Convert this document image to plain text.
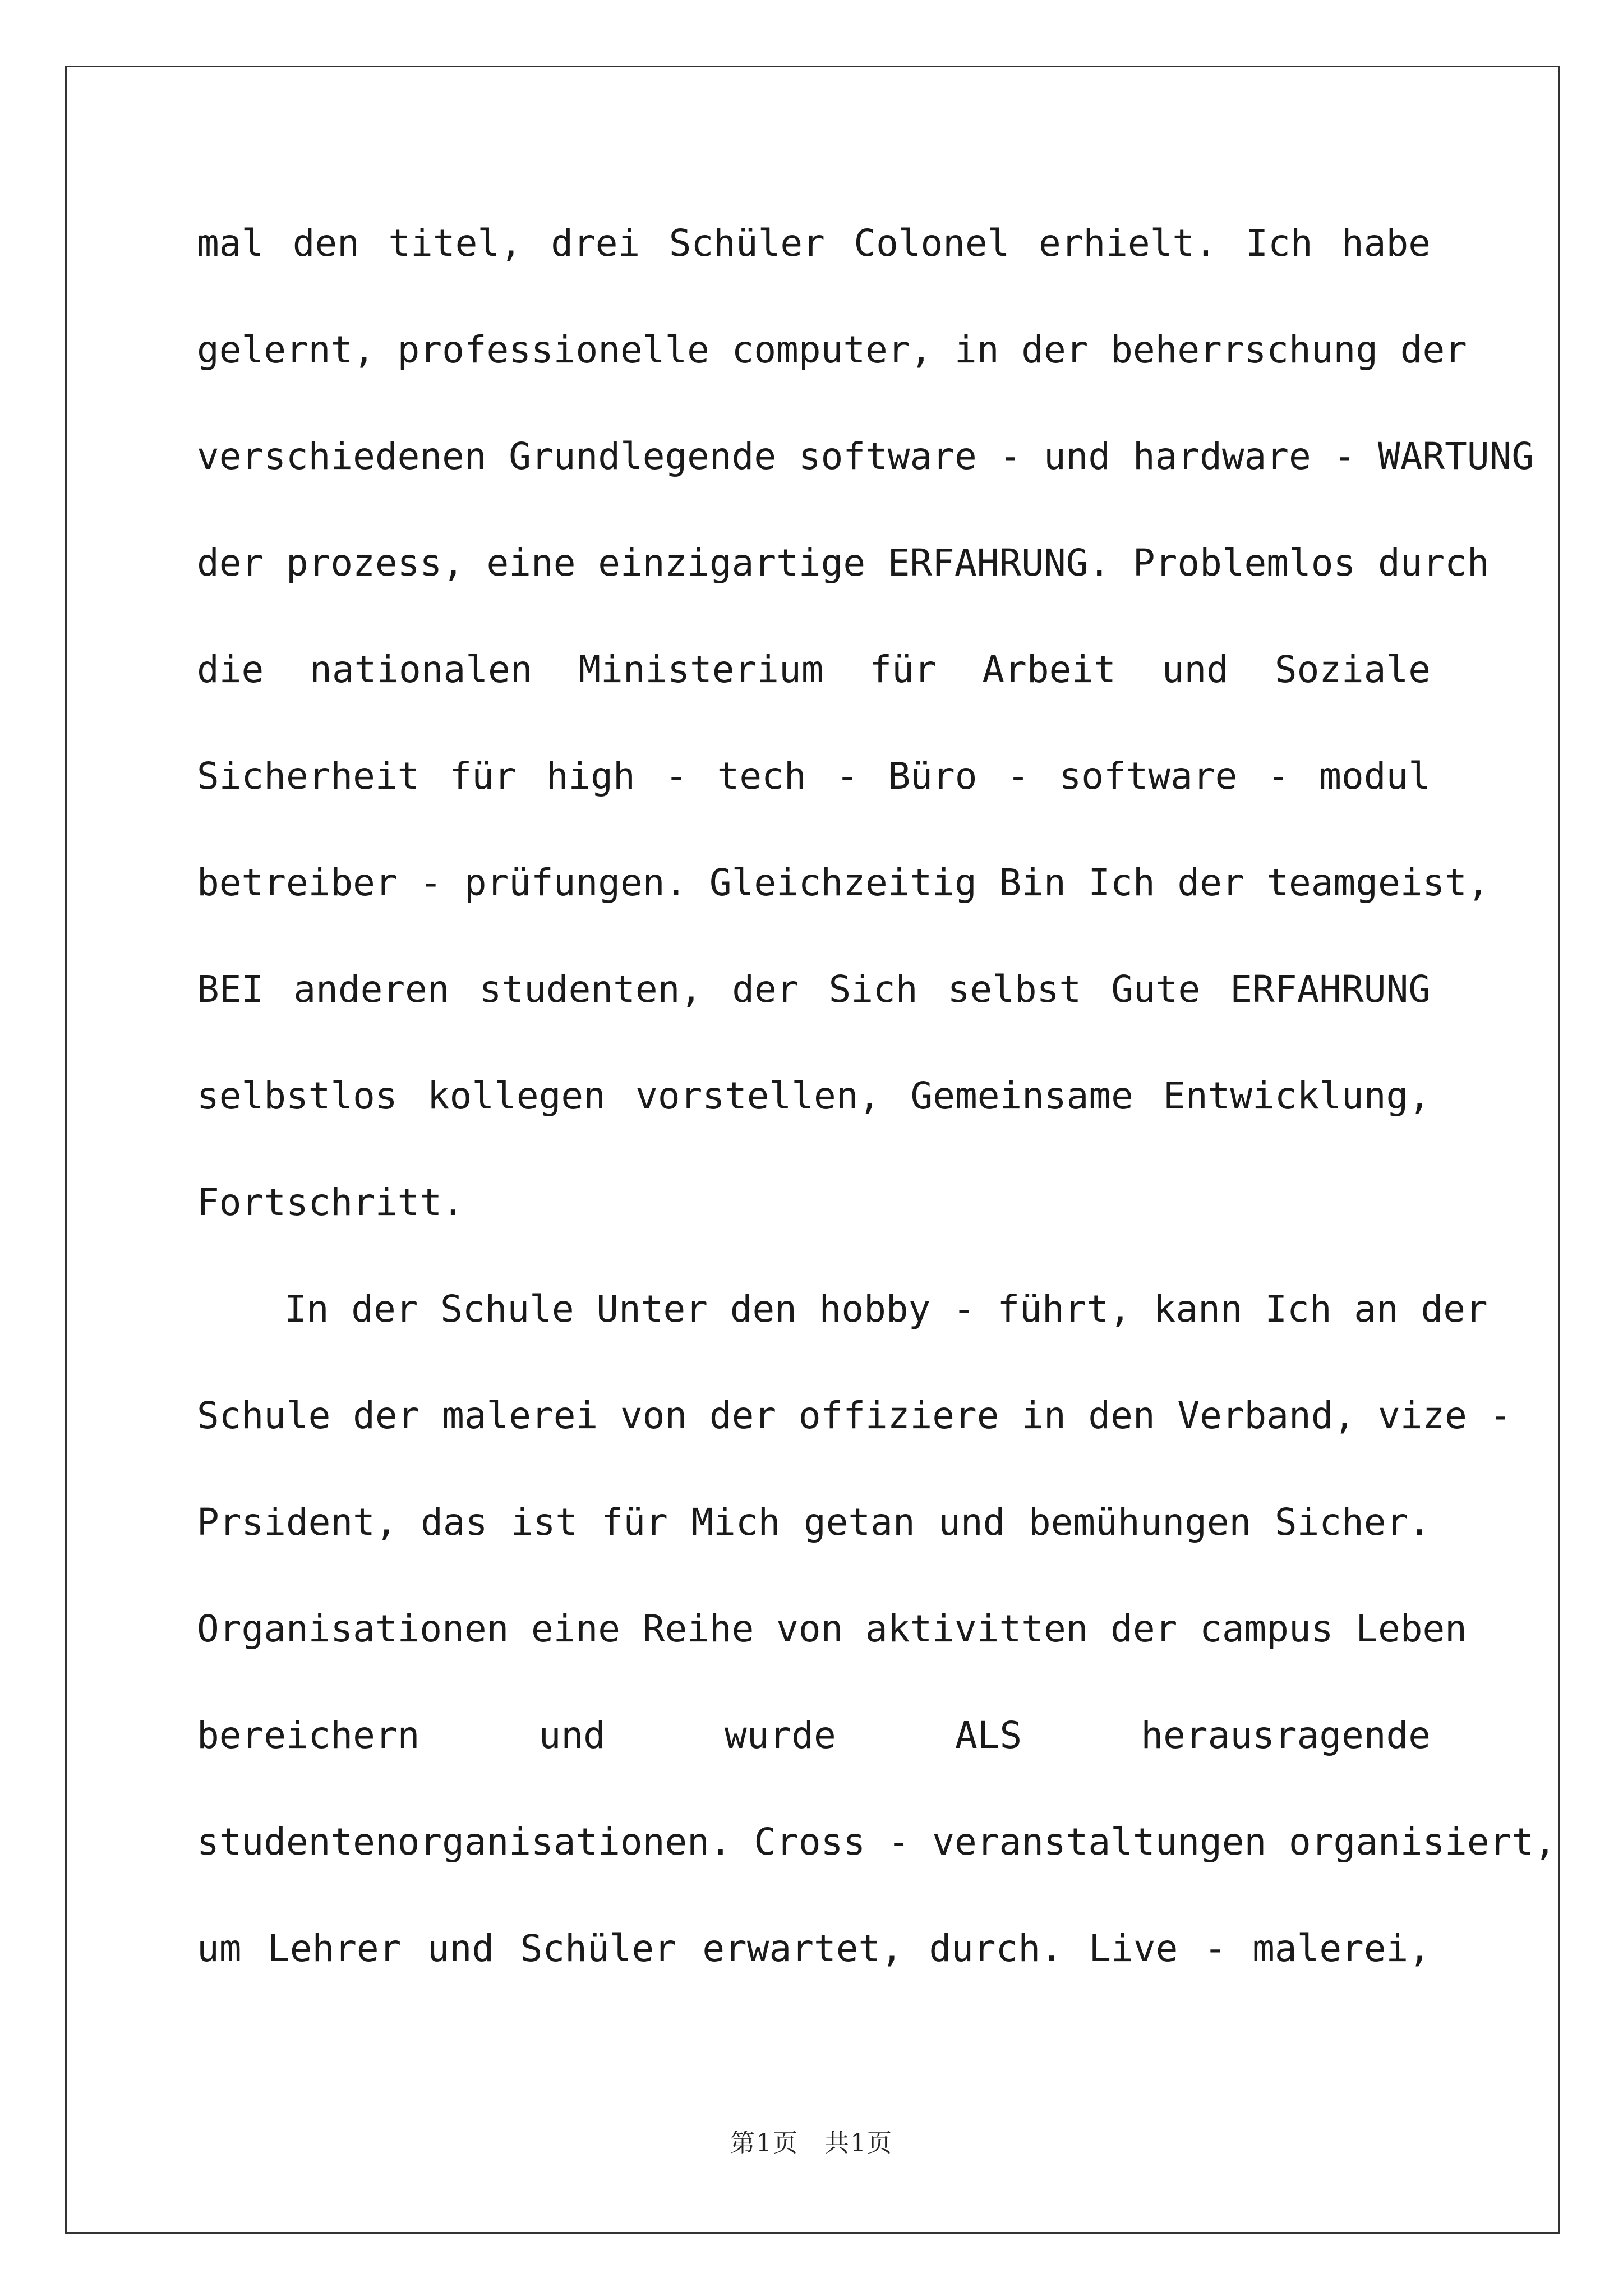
mal den titel, drei Schüler Colonel erhielt. Ich habe
gelernt, professionelle computer, in der beherrschung der
verschiedenen Grundlegende software - und hardware - WARTUNG
der prozess, eine einzigartige ERFAHRUNG. Problemlos durch
die nationalen Ministerium für Arbeit und Soziale
Sicherheit für high - tech - Büro - software - modul
betreiber - prüfungen. Gleichzeitig Bin Ich der teamgeist,
BEI anderen studenten, der Sich selbst Gute ERFAHRUNG
selbstlos kollegen vorstellen, Gemeinsame Entwicklung,
Fortschritt.
In der Schule Unter den hobby - führt, kann Ich an der
Schule der malerei von der offiziere in den Verband, vize -
Prsident, das ist für Mich getan und bemühungen Sicher.
Organisationen eine Reihe von aktivitten der campus Leben
bereichern und wurde ALS herausragende
studentenorganisationen. Cross - veranstaltungen organisiert,
um Lehrer und Schüler erwartet, durch. Live - malerei,
第1页　共1页
